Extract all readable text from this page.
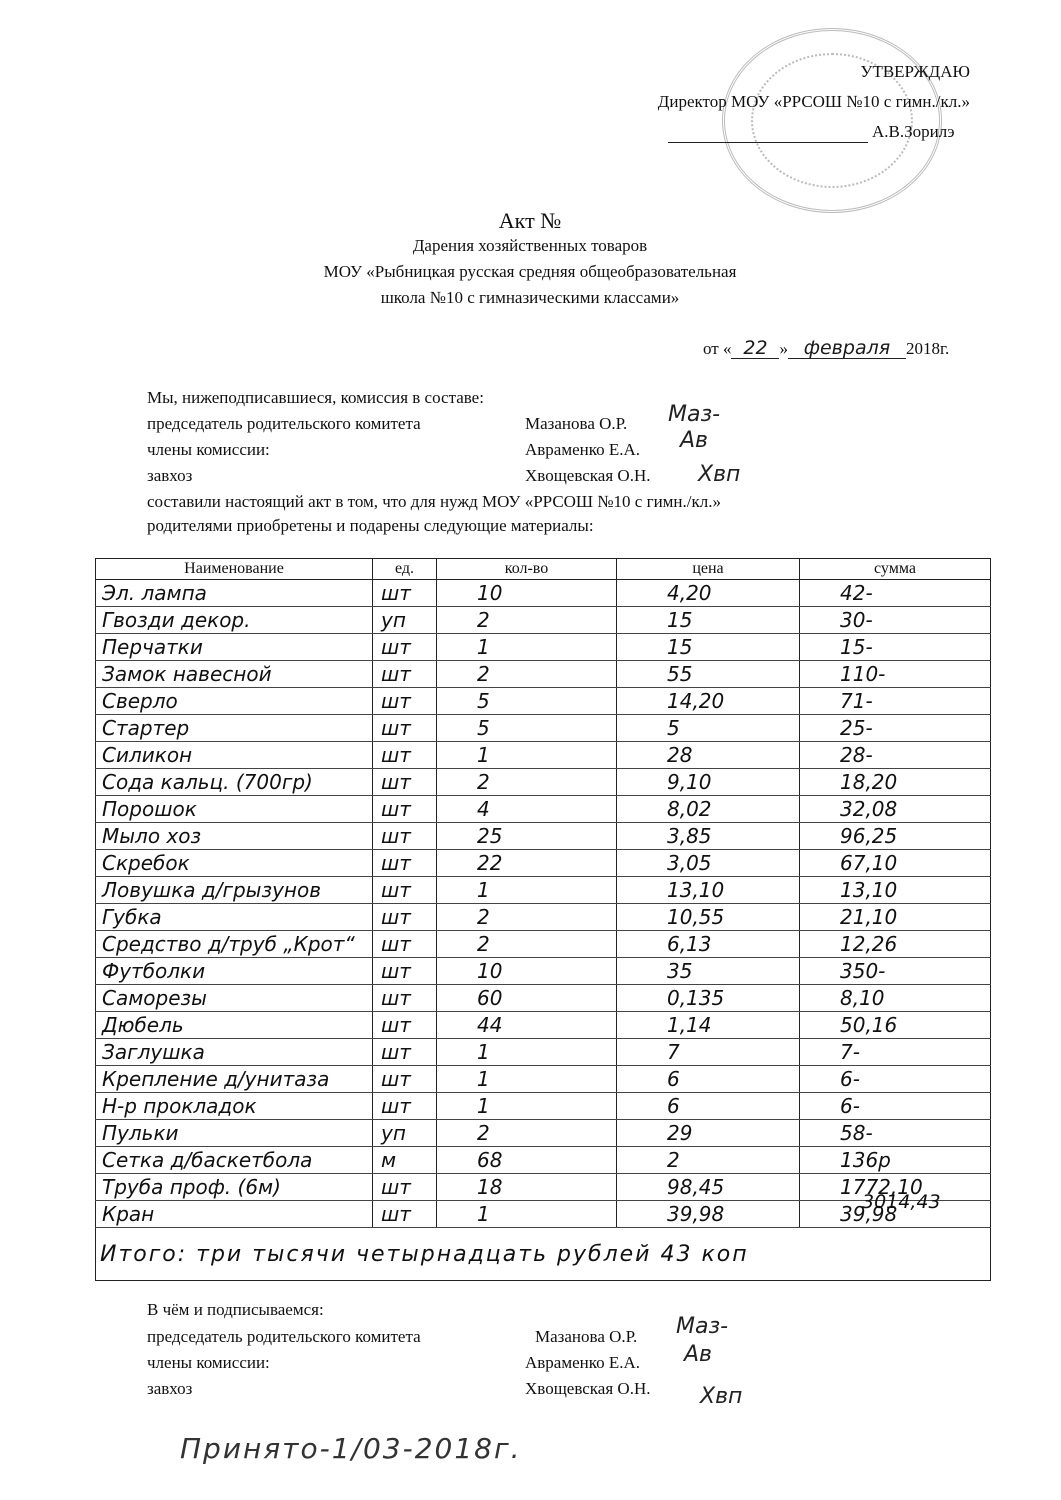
УТВЕРЖДАЮ
Директор МОУ «РРСОШ №10 с гимн./кл.»
А.В.Зорилэ
Акт №
Дарения хозяйственных товаров
МОУ «Рыбницкая русская средняя общеобразовательная
школа №10 с гимназическими классами»
от « 22 » февраля 2018г.
Мы, нижеподписавшиеся, комиссия в составе:
председатель родительского комитета	Мазанова О.Р. Маз-
члены комиссии:	Авраменко Е.А. Ав
завхоз	Хвощевская О.Н. Хвп
составили настоящий акт в том, что для нужд МОУ «РРСОШ №10 с гимн./кл.»
родителями приобретены и подарены следующие материалы:
Наименование	ед.	кол-во	цена	сумма
Эл. лампа	шт	10	4,20	42-
Гвозди декор.	уп	2	15	30-
Перчатки	шт	1	15	15-
Замок навесной	шт	2	55	110-
Сверло	шт	5	14,20	71-
Стартер	шт	5	5	25-
Силикон	шт	1	28	28-
Сода кальц. (700гр)	шт	2	9,10	18,20
Порошок	шт	4	8,02	32,08
Мыло хоз	шт	25	3,85	96,25
Скребок	шт	22	3,05	67,10
Ловушка д/грызунов	шт	1	13,10	13,10
Губка	шт	2	10,55	21,10
Средство д/труб „Крот“	шт	2	6,13	12,26
Футболки	шт	10	35	350-
Саморезы	шт	60	0,135	8,10
Дюбель	шт	44	1,14	50,16
Заглушка	шт	1	7	7-
Крепление д/унитаза	шт	1	6	6-
Н-р прокладок	шт	1	6	6-
Пульки	уп	2	29	58-
Сетка д/баскетбола	м	68	2	136р
Труба проф. (6м)	шт	18	98,45	1772,10
Кран	шт	1	39,98	39,98
Итого: три тысячи четырнадцать рублей 43 коп				
3014,43
В чём и подписываемся:
председатель родительского комитета	Мазанова О.Р. Маз-
члены комиссии:	Авраменко Е.А. Ав
завхоз	Хвощевская О.Н. Хвп
Принято-1/03-2018г.
